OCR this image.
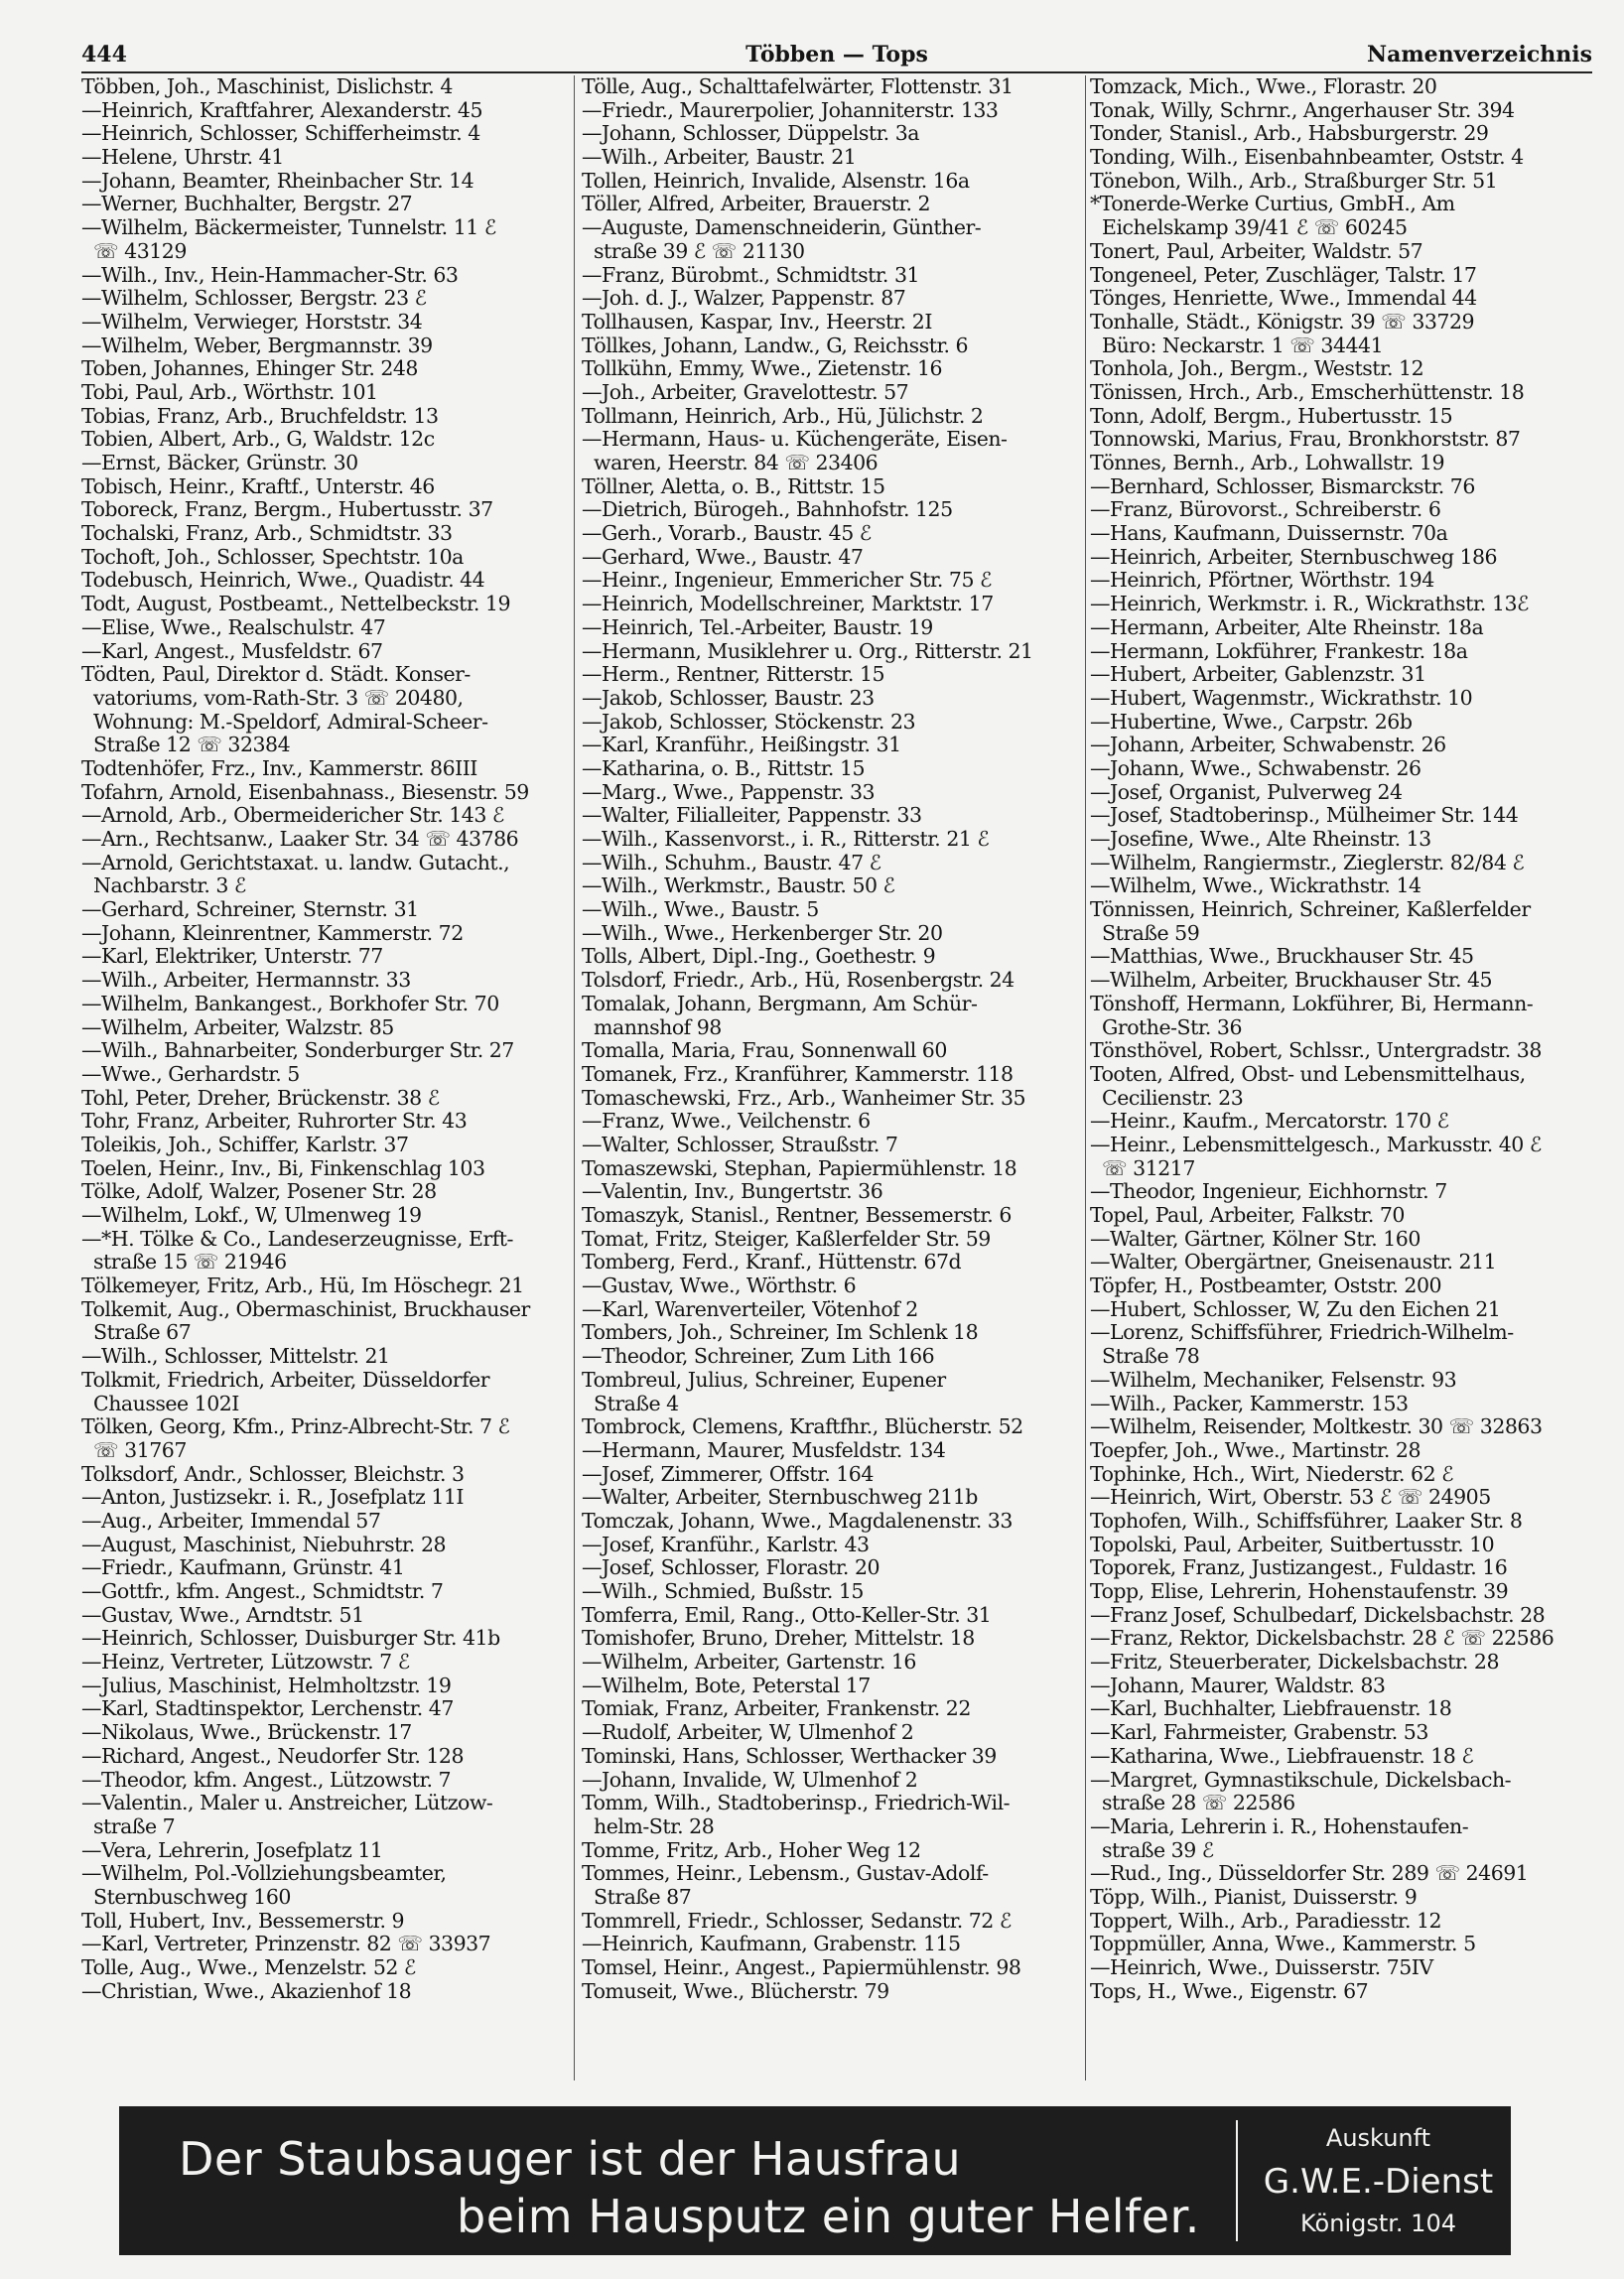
444	Többen — Tops	Namenverzeichnis
Többen, Joh., Maschinist, Dislichstr. 4
—Heinrich, Kraftfahrer, Alexanderstr. 45
—Heinrich, Schlosser, Schifferheimstr. 4
—Helene, Uhrstr. 41
—Johann, Beamter, Rheinbacher Str. 14
—Werner, Buchhalter, Bergstr. 27
—Wilhelm, Bäckermeister, Tunnelstr. 11 ℰ
☏ 43129
—Wilh., Inv., Hein-Hammacher-Str. 63
—Wilhelm, Schlosser, Bergstr. 23 ℰ
—Wilhelm, Verwieger, Horststr. 34
—Wilhelm, Weber, Bergmannstr. 39
Toben, Johannes, Ehinger Str. 248
Tobi, Paul, Arb., Wörthstr. 101
Tobias, Franz, Arb., Bruchfeldstr. 13
Tobien, Albert, Arb., G, Waldstr. 12c
—Ernst, Bäcker, Grünstr. 30
Tobisch, Heinr., Kraftf., Unterstr. 46
Toboreck, Franz, Bergm., Hubertusstr. 37
Tochalski, Franz, Arb., Schmidtstr. 33
Tochoft, Joh., Schlosser, Spechtstr. 10a
Todebusch, Heinrich, Wwe., Quadistr. 44
Todt, August, Postbeamt., Nettelbeckstr. 19
—Elise, Wwe., Realschulstr. 47
—Karl, Angest., Musfeldstr. 67
Tödten, Paul, Direktor d. Städt. Konser-
vatoriums, vom-Rath-Str. 3 ☏ 20480,
Wohnung: M.-Speldorf, Admiral-Scheer-
Straße 12 ☏ 32384
Todtenhöfer, Frz., Inv., Kammerstr. 86III
Tofahrn, Arnold, Eisenbahnass., Biesenstr. 59
—Arnold, Arb., Obermeidericher Str. 143 ℰ
—Arn., Rechtsanw., Laaker Str. 34 ☏ 43786
—Arnold, Gerichtstaxat. u. landw. Gutacht.,
Nachbarstr. 3 ℰ
—Gerhard, Schreiner, Sternstr. 31
—Johann, Kleinrentner, Kammerstr. 72
—Karl, Elektriker, Unterstr. 77
—Wilh., Arbeiter, Hermannstr. 33
—Wilhelm, Bankangest., Borkhofer Str. 70
—Wilhelm, Arbeiter, Walzstr. 85
—Wilh., Bahnarbeiter, Sonderburger Str. 27
—Wwe., Gerhardstr. 5
Tohl, Peter, Dreher, Brückenstr. 38 ℰ
Tohr, Franz, Arbeiter, Ruhrorter Str. 43
Toleikis, Joh., Schiffer, Karlstr. 37
Toelen, Heinr., Inv., Bi, Finkenschlag 103
Tölke, Adolf, Walzer, Posener Str. 28
—Wilhelm, Lokf., W, Ulmenweg 19
—*H. Tölke & Co., Landeserzeugnisse, Erft-
straße 15 ☏ 21946
Tölkemeyer, Fritz, Arb., Hü, Im Höschegr. 21
Tolkemit, Aug., Obermaschinist, Bruckhauser
Straße 67
—Wilh., Schlosser, Mittelstr. 21
Tolkmit, Friedrich, Arbeiter, Düsseldorfer
Chaussee 102I
Tölken, Georg, Kfm., Prinz-Albrecht-Str. 7 ℰ
☏ 31767
Tolksdorf, Andr., Schlosser, Bleichstr. 3
—Anton, Justizsekr. i. R., Josefplatz 11I
—Aug., Arbeiter, Immendal 57
—August, Maschinist, Niebuhrstr. 28
—Friedr., Kaufmann, Grünstr. 41
—Gottfr., kfm. Angest., Schmidtstr. 7
—Gustav, Wwe., Arndtstr. 51
—Heinrich, Schlosser, Duisburger Str. 41b
—Heinz, Vertreter, Lützowstr. 7 ℰ
—Julius, Maschinist, Helmholtzstr. 19
—Karl, Stadtinspektor, Lerchenstr. 47
—Nikolaus, Wwe., Brückenstr. 17
—Richard, Angest., Neudorfer Str. 128
—Theodor, kfm. Angest., Lützowstr. 7
—Valentin., Maler u. Anstreicher, Lützow-
straße 7
—Vera, Lehrerin, Josefplatz 11
—Wilhelm, Pol.-Vollziehungsbeamter,
Sternbuschweg 160
Toll, Hubert, Inv., Bessemerstr. 9
—Karl, Vertreter, Prinzenstr. 82 ☏ 33937
Tolle, Aug., Wwe., Menzelstr. 52 ℰ
—Christian, Wwe., Akazienhof 18
Tölle, Aug., Schalttafelwärter, Flottenstr. 31
—Friedr., Maurerpolier, Johanniterstr. 133
—Johann, Schlosser, Düppelstr. 3a
—Wilh., Arbeiter, Baustr. 21
Tollen, Heinrich, Invalide, Alsenstr. 16a
Töller, Alfred, Arbeiter, Brauerstr. 2
—Auguste, Damenschneiderin, Günther-
straße 39 ℰ ☏ 21130
—Franz, Bürobmt., Schmidtstr. 31
—Joh. d. J., Walzer, Pappenstr. 87
Tollhausen, Kaspar, Inv., Heerstr. 2I
Töllkes, Johann, Landw., G, Reichsstr. 6
Tollkühn, Emmy, Wwe., Zietenstr. 16
—Joh., Arbeiter, Gravelottestr. 57
Tollmann, Heinrich, Arb., Hü, Jülichstr. 2
—Hermann, Haus- u. Küchengeräte, Eisen-
waren, Heerstr. 84 ☏ 23406
Töllner, Aletta, o. B., Rittstr. 15
—Dietrich, Bürogeh., Bahnhofstr. 125
—Gerh., Vorarb., Baustr. 45 ℰ
—Gerhard, Wwe., Baustr. 47
—Heinr., Ingenieur, Emmericher Str. 75 ℰ
—Heinrich, Modellschreiner, Marktstr. 17
—Heinrich, Tel.-Arbeiter, Baustr. 19
—Hermann, Musiklehrer u. Org., Ritterstr. 21
—Herm., Rentner, Ritterstr. 15
—Jakob, Schlosser, Baustr. 23
—Jakob, Schlosser, Stöckenstr. 23
—Karl, Kranführ., Heißingstr. 31
—Katharina, o. B., Rittstr. 15
—Marg., Wwe., Pappenstr. 33
—Walter, Filialleiter, Pappenstr. 33
—Wilh., Kassenvorst., i. R., Ritterstr. 21 ℰ
—Wilh., Schuhm., Baustr. 47 ℰ
—Wilh., Werkmstr., Baustr. 50 ℰ
—Wilh., Wwe., Baustr. 5
—Wilh., Wwe., Herkenberger Str. 20
Tolls, Albert, Dipl.-Ing., Goethestr. 9
Tolsdorf, Friedr., Arb., Hü, Rosenbergstr. 24
Tomalak, Johann, Bergmann, Am Schür-
mannshof 98
Tomalla, Maria, Frau, Sonnenwall 60
Tomanek, Frz., Kranführer, Kammerstr. 118
Tomaschewski, Frz., Arb., Wanheimer Str. 35
—Franz, Wwe., Veilchenstr. 6
—Walter, Schlosser, Straußstr. 7
Tomaszewski, Stephan, Papiermühlenstr. 18
—Valentin, Inv., Bungertstr. 36
Tomaszyk, Stanisl., Rentner, Bessemerstr. 6
Tomat, Fritz, Steiger, Kaßlerfelder Str. 59
Tomberg, Ferd., Kranf., Hüttenstr. 67d
—Gustav, Wwe., Wörthstr. 6
—Karl, Warenverteiler, Vötenhof 2
Tombers, Joh., Schreiner, Im Schlenk 18
—Theodor, Schreiner, Zum Lith 166
Tombreul, Julius, Schreiner, Eupener
Straße 4
Tombrock, Clemens, Kraftfhr., Blücherstr. 52
—Hermann, Maurer, Musfeldstr. 134
—Josef, Zimmerer, Offstr. 164
—Walter, Arbeiter, Sternbuschweg 211b
Tomczak, Johann, Wwe., Magdalenenstr. 33
—Josef, Kranführ., Karlstr. 43
—Josef, Schlosser, Florastr. 20
—Wilh., Schmied, Bußstr. 15
Tomferra, Emil, Rang., Otto-Keller-Str. 31
Tomishofer, Bruno, Dreher, Mittelstr. 18
—Wilhelm, Arbeiter, Gartenstr. 16
—Wilhelm, Bote, Peterstal 17
Tomiak, Franz, Arbeiter, Frankenstr. 22
—Rudolf, Arbeiter, W, Ulmenhof 2
Tominski, Hans, Schlosser, Werthacker 39
—Johann, Invalide, W, Ulmenhof 2
Tomm, Wilh., Stadtoberinsp., Friedrich-Wil-
helm-Str. 28
Tomme, Fritz, Arb., Hoher Weg 12
Tommes, Heinr., Lebensm., Gustav-Adolf-
Straße 87
Tommrell, Friedr., Schlosser, Sedanstr. 72 ℰ
—Heinrich, Kaufmann, Grabenstr. 115
Tomsel, Heinr., Angest., Papiermühlenstr. 98
Tomuseit, Wwe., Blücherstr. 79
Tomzack, Mich., Wwe., Florastr. 20
Tonak, Willy, Schrnr., Angerhauser Str. 394
Tonder, Stanisl., Arb., Habsburgerstr. 29
Tonding, Wilh., Eisenbahnbeamter, Oststr. 4
Tönebon, Wilh., Arb., Straßburger Str. 51
*Tonerde-Werke Curtius, GmbH., Am
Eichelskamp 39/41 ℰ ☏ 60245
Tonert, Paul, Arbeiter, Waldstr. 57
Tongeneel, Peter, Zuschläger, Talstr. 17
Tönges, Henriette, Wwe., Immendal 44
Tonhalle, Städt., Königstr. 39 ☏ 33729
Büro: Neckarstr. 1 ☏ 34441
Tonhola, Joh., Bergm., Weststr. 12
Tönissen, Hrch., Arb., Emscherhüttenstr. 18
Tonn, Adolf, Bergm., Hubertusstr. 15
Tonnowski, Marius, Frau, Bronkhorststr. 87
Tönnes, Bernh., Arb., Lohwallstr. 19
—Bernhard, Schlosser, Bismarckstr. 76
—Franz, Bürovorst., Schreiberstr. 6
—Hans, Kaufmann, Duissernstr. 70a
—Heinrich, Arbeiter, Sternbuschweg 186
—Heinrich, Pförtner, Wörthstr. 194
—Heinrich, Werkmstr. i. R., Wickrathstr. 13ℰ
—Hermann, Arbeiter, Alte Rheinstr. 18a
—Hermann, Lokführer, Frankestr. 18a
—Hubert, Arbeiter, Gablenzstr. 31
—Hubert, Wagenmstr., Wickrathstr. 10
—Hubertine, Wwe., Carpstr. 26b
—Johann, Arbeiter, Schwabenstr. 26
—Johann, Wwe., Schwabenstr. 26
—Josef, Organist, Pulverweg 24
—Josef, Stadtoberinsp., Mülheimer Str. 144
—Josefine, Wwe., Alte Rheinstr. 13
—Wilhelm, Rangiermstr., Zieglerstr. 82/84 ℰ
—Wilhelm, Wwe., Wickrathstr. 14
Tönnissen, Heinrich, Schreiner, Kaßlerfelder
Straße 59
—Matthias, Wwe., Bruckhauser Str. 45
—Wilhelm, Arbeiter, Bruckhauser Str. 45
Tönshoff, Hermann, Lokführer, Bi, Hermann-
Grothe-Str. 36
Tönsthövel, Robert, Schlssr., Untergradstr. 38
Tooten, Alfred, Obst- und Lebensmittelhaus,
Cecilienstr. 23
—Heinr., Kaufm., Mercatorstr. 170 ℰ
—Heinr., Lebensmittelgesch., Markusstr. 40 ℰ
☏ 31217
—Theodor, Ingenieur, Eichhornstr. 7
Topel, Paul, Arbeiter, Falkstr. 70
—Walter, Gärtner, Kölner Str. 160
—Walter, Obergärtner, Gneisenaustr. 211
Töpfer, H., Postbeamter, Oststr. 200
—Hubert, Schlosser, W, Zu den Eichen 21
—Lorenz, Schiffsführer, Friedrich-Wilhelm-
Straße 78
—Wilhelm, Mechaniker, Felsenstr. 93
—Wilh., Packer, Kammerstr. 153
—Wilhelm, Reisender, Moltkestr. 30 ☏ 32863
Toepfer, Joh., Wwe., Martinstr. 28
Tophinke, Hch., Wirt, Niederstr. 62 ℰ
—Heinrich, Wirt, Oberstr. 53 ℰ ☏ 24905
Tophofen, Wilh., Schiffsführer, Laaker Str. 8
Topolski, Paul, Arbeiter, Suitbertusstr. 10
Toporek, Franz, Justizangest., Fuldastr. 16
Topp, Elise, Lehrerin, Hohenstaufenstr. 39
—Franz Josef, Schulbedarf, Dickelsbachstr. 28
—Franz, Rektor, Dickelsbachstr. 28 ℰ ☏ 22586
—Fritz, Steuerberater, Dickelsbachstr. 28
—Johann, Maurer, Waldstr. 83
—Karl, Buchhalter, Liebfrauenstr. 18
—Karl, Fahrmeister, Grabenstr. 53
—Katharina, Wwe., Liebfrauenstr. 18 ℰ
—Margret, Gymnastikschule, Dickelsbach-
straße 28 ☏ 22586
—Maria, Lehrerin i. R., Hohenstaufen-
straße 39 ℰ
—Rud., Ing., Düsseldorfer Str. 289 ☏ 24691
Töpp, Wilh., Pianist, Duisserstr. 9
Toppert, Wilh., Arb., Paradiesstr. 12
Toppmüller, Anna, Wwe., Kammerstr. 5
—Heinrich, Wwe., Duisserstr. 75IV
Tops, H., Wwe., Eigenstr. 67
Der Staubsauger ist der Hausfrau
beim Hausputz ein guter Helfer.
Auskunft
G.W.E.-Dienst
Königstr. 104
